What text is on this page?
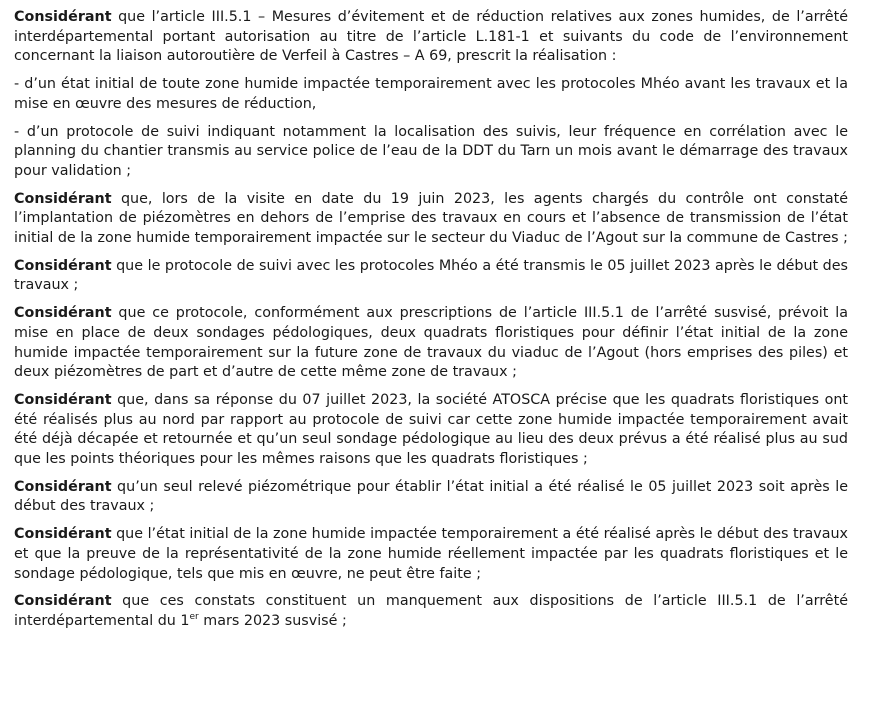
Considérant que l’article III.5.1 – Mesures d’évitement et de réduction relatives aux zones humides, de l’arrêté interdépartemental portant autorisation au titre de l’article L.181-1 et suivants du code de l’environnement concernant la liaison autoroutière de Verfeil à Castres – A 69, prescrit la réalisation :

- d’un état initial de toute zone humide impactée temporairement avec les protocoles Mhéo avant les travaux et la mise en œuvre des mesures de réduction,

- d’un protocole de suivi indiquant notamment la localisation des suivis, leur fréquence en corrélation avec le planning du chantier transmis au service police de l’eau de la DDT du Tarn un mois avant le démarrage des travaux pour validation ;

Considérant que, lors de la visite en date du 19 juin 2023, les agents chargés du contrôle ont constaté l’implantation de piézomètres en dehors de l’emprise des travaux en cours et l’absence de transmission de l’état initial de la zone humide temporairement impactée sur le secteur du Viaduc de l’Agout sur la commune de Castres ;

Considérant que le protocole de suivi avec les protocoles Mhéo a été transmis le 05 juillet 2023 après le début des travaux ;

Considérant que ce protocole, conformément aux prescriptions de l’article III.5.1 de l’arrêté susvisé, prévoit la mise en place de deux sondages pédologiques, deux quadrats floristiques pour définir l’état initial de la zone humide impactée temporairement sur la future zone de travaux du viaduc de l’Agout (hors emprises des piles) et deux piézomètres de part et d’autre de cette même zone de travaux ;

Considérant que, dans sa réponse du 07 juillet 2023, la société ATOSCA précise que les quadrats floristiques ont été réalisés plus au nord par rapport au protocole de suivi car cette zone humide impactée temporairement avait été déjà décapée et retournée et qu’un seul sondage pédologique au lieu des deux prévus a été réalisé plus au sud que les points théoriques pour les mêmes raisons que les quadrats floristiques ;

Considérant qu’un seul relevé piézométrique pour établir l’état initial a été réalisé le 05 juillet 2023 soit après le début des travaux ;

Considérant que l’état initial de la zone humide impactée temporairement a été réalisé après le début des travaux et que la preuve de la représentativité de la zone humide réellement impactée par les quadrats floristiques et le sondage pédologique, tels que mis en œuvre, ne peut être faite ;

Considérant que ces constats constituent un manquement aux dispositions de l’article III.5.1 de l’arrêté interdépartemental du 1er mars 2023 susvisé ;
